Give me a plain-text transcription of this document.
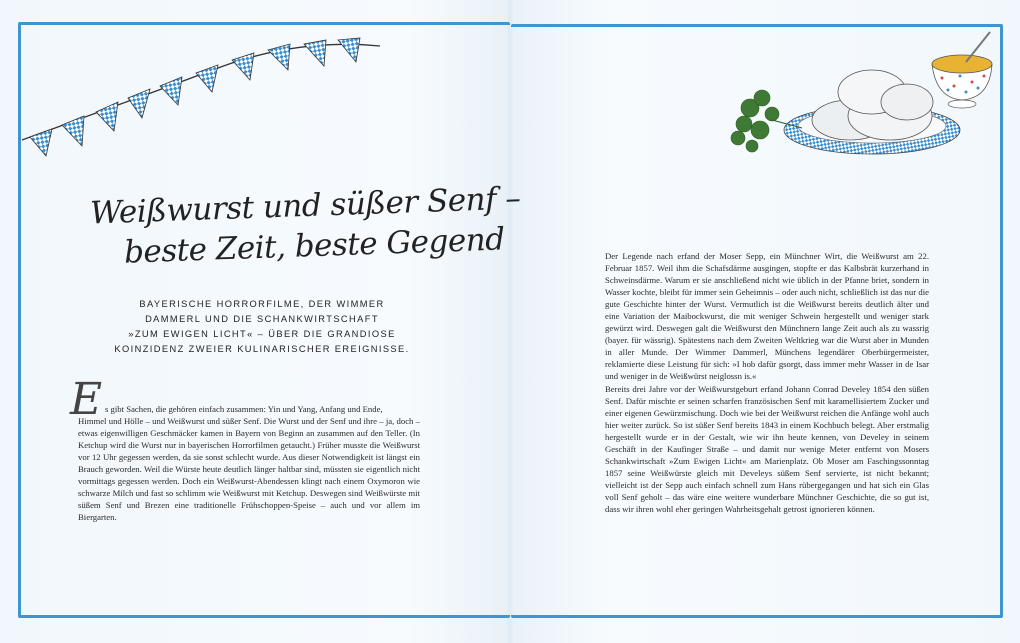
Weißwurst und süßer Senf –
beste Zeit, beste Gegend
BAYERISCHE HORRORFILME, DER WIMMER
DAMMERL UND DIE SCHANKWIRTSCHAFT
»ZUM EWIGEN LICHT« – ÜBER DIE GRANDIOSE
KOINZIDENZ ZWEIER KULINARISCHER EREIGNISSE.
E s gibt Sachen, die gehören einfach zusammen: Yin und Yang, Anfang und Ende,
Himmel und Hölle – und Weißwurst und süßer Senf. Die Wurst und der Senf und ihre – ja, doch – etwas eigenwilligen Geschmäcker kamen in Bayern von Beginn an zusammen auf den Teller. (In Ketchup wird die Wurst nur in bayerischen Horrorfilmen getaucht.) Früher musste die Weißwurst vor 12 Uhr gegessen werden, da sie sonst schlecht wurde. Aus dieser Notwendigkeit ist längst ein Brauch geworden. Weil die Würste heute deutlich länger haltbar sind, müssten sie eigentlich nicht vormittags gegessen werden. Doch ein Weißwurst-Abendessen klingt nach einem Oxymoron wie schwarze Milch und fast so schlimm wie Weißwurst mit Ketchup. Deswegen sind Weißwürste mit süßem Senf und Brezen eine traditionelle Frühschoppen-Speise – auch und vor allem im Biergarten.
Der Legende nach erfand der Moser Sepp, ein Münchner Wirt, die Weißwurst am 22. Februar 1857. Weil ihm die Schafsdärme ausgingen, stopfte er das Kalbsbrät kurzerhand in Schweinsdärme. Warum er sie anschließend nicht wie üblich in der Pfanne briet, sondern in Wasser kochte, bleibt für immer sein Geheimnis – oder auch nicht, schließlich ist das nur die gute Geschichte hinter der Wurst. Vermutlich ist die Weißwurst bereits deutlich älter und eine Variation der Maibockwurst, die mit weniger Schwein hergestellt und weniger stark gewürzt wird. Deswegen galt die Weißwurst den Münchnern lange Zeit auch als zu wassrig (bayer. für wässrig). Spätestens nach dem Zweiten Weltkrieg war die Wurst aber in Munden in aller Munde. Der Wimmer Dammerl, Münchens legendärer Oberbürgermeister, reklamierte diese Leistung für sich: »I hob dafür gsorgt, dass immer mehr Wasser in de Isar und weniger in de Weißwürst neiglossn is.«
Bereits drei Jahre vor der Weißwurstgeburt erfand Johann Conrad Develey 1854 den süßen Senf. Dafür mischte er seinen scharfen französischen Senf mit karamellisiertem Zucker und einer eigenen Gewürzmischung. Doch wie bei der Weißwurst reichen die Anfänge wohl auch hier weiter zurück. So ist süßer Senf bereits 1843 in einem Kochbuch belegt. Aber erstmalig hergestellt wurde er in der Gestalt, wie wir ihn heute kennen, von Develey in seinem Geschäft in der Kaufinger Straße – und damit nur wenige Meter entfernt von Mosers Schankwirtschaft »Zum Ewigen Licht« am Marienplatz. Ob Moser am Faschingssonntag 1857 seine Weißwürste gleich mit Develeys süßem Senf servierte, ist nicht bekannt; vielleicht ist der Sepp auch einfach schnell zum Hans rübergegangen und hat sich ein Glas voll Senf geholt – das wäre eine weitere wunderbare Münchner Geschichte, die so gut ist, dass wir ihren wohl eher geringen Wahrheitsgehalt getrost ignorieren können.
